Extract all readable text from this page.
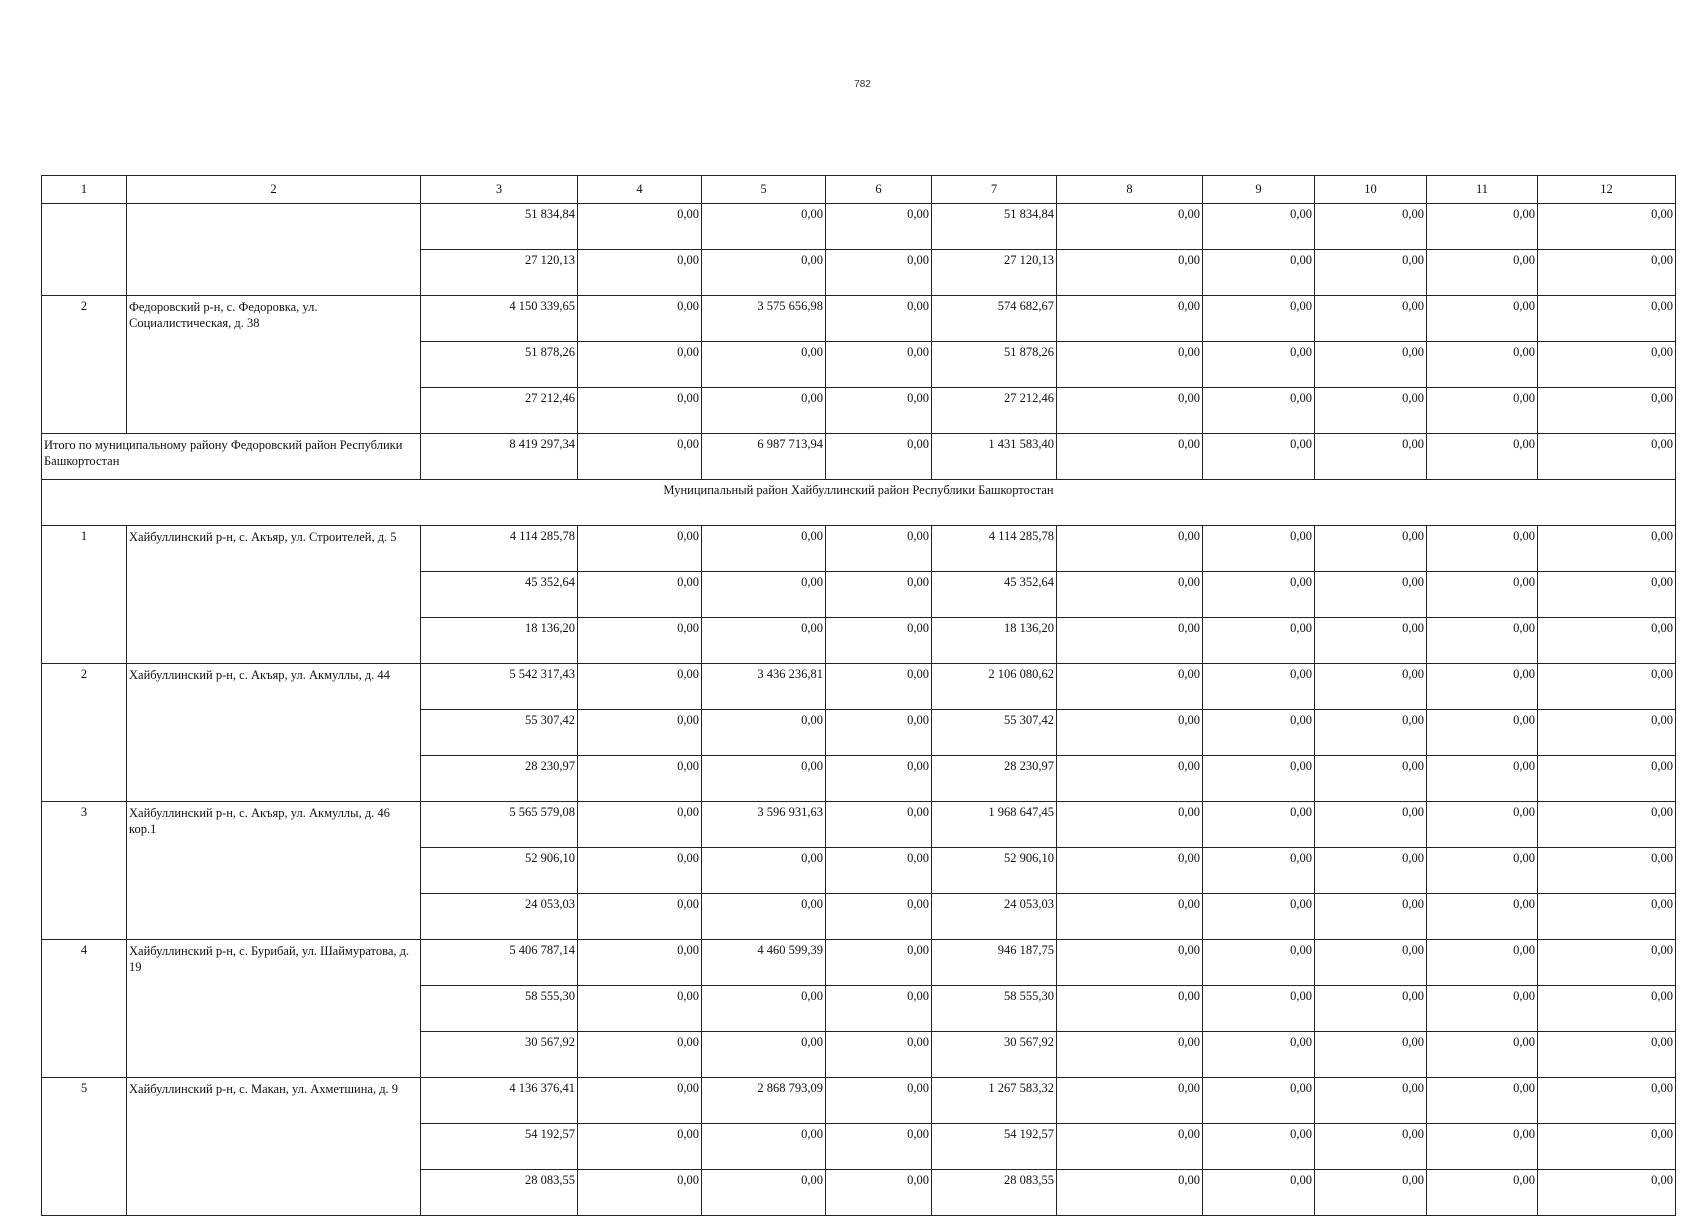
782
1	2	3	4	5	6	7	8	9	10	11	12
		51 834,84	0,00	0,00	0,00	51 834,84	0,00	0,00	0,00	0,00	0,00
		27 120,13	0,00	0,00	0,00	27 120,13	0,00	0,00	0,00	0,00	0,00
2	Федоровский р-н, с. Федоровка, ул. Социалистическая, д. 38	4 150 339,65	0,00	3 575 656,98	0,00	574 682,67	0,00	0,00	0,00	0,00	0,00
		51 878,26	0,00	0,00	0,00	51 878,26	0,00	0,00	0,00	0,00	0,00
		27 212,46	0,00	0,00	0,00	27 212,46	0,00	0,00	0,00	0,00	0,00
Итого по муниципальному району Федоровский район Республики Башкортостан		8 419 297,34	0,00	6 987 713,94	0,00	1 431 583,40	0,00	0,00	0,00	0,00	0,00
Муниципальный район Хайбуллинский район Республики Башкортостан											
1	Хайбуллинский р-н, с. Акъяр, ул. Строителей, д. 5	4 114 285,78	0,00	0,00	0,00	4 114 285,78	0,00	0,00	0,00	0,00	0,00
		45 352,64	0,00	0,00	0,00	45 352,64	0,00	0,00	0,00	0,00	0,00
		18 136,20	0,00	0,00	0,00	18 136,20	0,00	0,00	0,00	0,00	0,00
2	Хайбуллинский р-н, с. Акъяр, ул. Акмуллы, д. 44	5 542 317,43	0,00	3 436 236,81	0,00	2 106 080,62	0,00	0,00	0,00	0,00	0,00
		55 307,42	0,00	0,00	0,00	55 307,42	0,00	0,00	0,00	0,00	0,00
		28 230,97	0,00	0,00	0,00	28 230,97	0,00	0,00	0,00	0,00	0,00
3	Хайбуллинский р-н, с. Акъяр, ул. Акмуллы, д. 46 кор.1	5 565 579,08	0,00	3 596 931,63	0,00	1 968 647,45	0,00	0,00	0,00	0,00	0,00
		52 906,10	0,00	0,00	0,00	52 906,10	0,00	0,00	0,00	0,00	0,00
		24 053,03	0,00	0,00	0,00	24 053,03	0,00	0,00	0,00	0,00	0,00
4	Хайбуллинский р-н, с. Бурибай, ул. Шаймуратова, д. 19	5 406 787,14	0,00	4 460 599,39	0,00	946 187,75	0,00	0,00	0,00	0,00	0,00
		58 555,30	0,00	0,00	0,00	58 555,30	0,00	0,00	0,00	0,00	0,00
		30 567,92	0,00	0,00	0,00	30 567,92	0,00	0,00	0,00	0,00	0,00
5	Хайбуллинский р-н, с. Макан, ул. Ахметшина, д. 9	4 136 376,41	0,00	2 868 793,09	0,00	1 267 583,32	0,00	0,00	0,00	0,00	0,00
		54 192,57	0,00	0,00	0,00	54 192,57	0,00	0,00	0,00	0,00	0,00
		28 083,55	0,00	0,00	0,00	28 083,55	0,00	0,00	0,00	0,00	0,00
